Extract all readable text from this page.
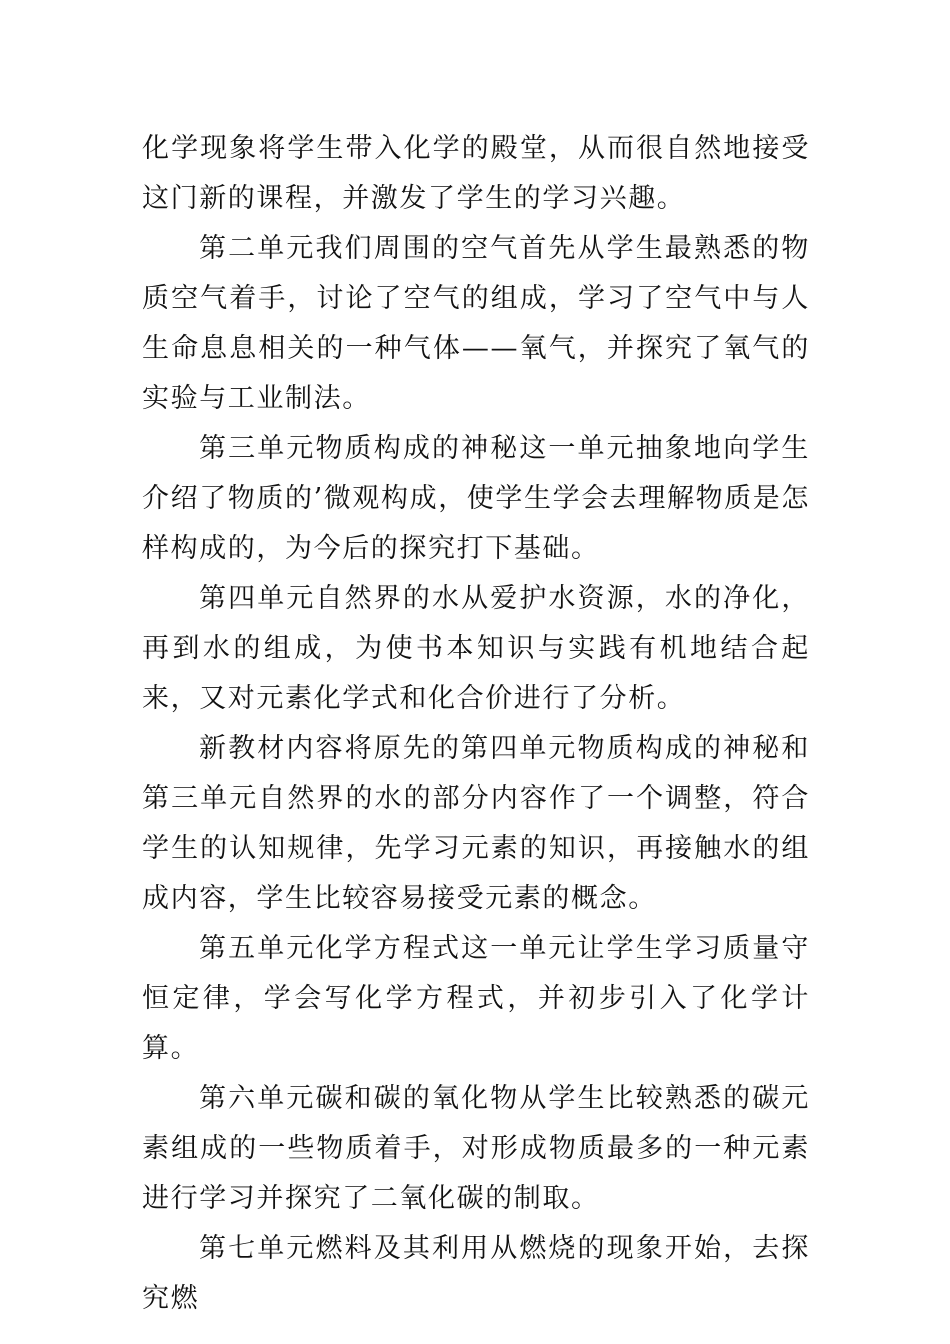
化学现象将学生带入化学的殿堂，从而很自然地接受这门新的课程，并激发了学生的学习兴趣。

第二单元我们周围的空气首先从学生最熟悉的物质空气着手，讨论了空气的组成，学习了空气中与人生命息息相关的一种气体——氧气，并探究了氧气的实验与工业制法。

第三单元物质构成的神秘这一单元抽象地向学生介绍了物质的’微观构成，使学生学会去理解物质是怎样构成的，为今后的探究打下基础。

第四单元自然界的水从爱护水资源，水的净化，再到水的组成，为使书本知识与实践有机地结合起来，又对元素化学式和化合价进行了分析。

新教材内容将原先的第四单元物质构成的神秘和第三单元自然界的水的部分内容作了一个调整，符合学生的认知规律，先学习元素的知识，再接触水的组成内容，学生比较容易接受元素的概念。

第五单元化学方程式这一单元让学生学习质量守恒定律，学会写化学方程式，并初步引入了化学计算。

第六单元碳和碳的氧化物从学生比较熟悉的碳元素组成的一些物质着手，对形成物质最多的一种元素进行学习并探究了二氧化碳的制取。

第七单元燃料及其利用从燃烧的现象开始，去探究燃
